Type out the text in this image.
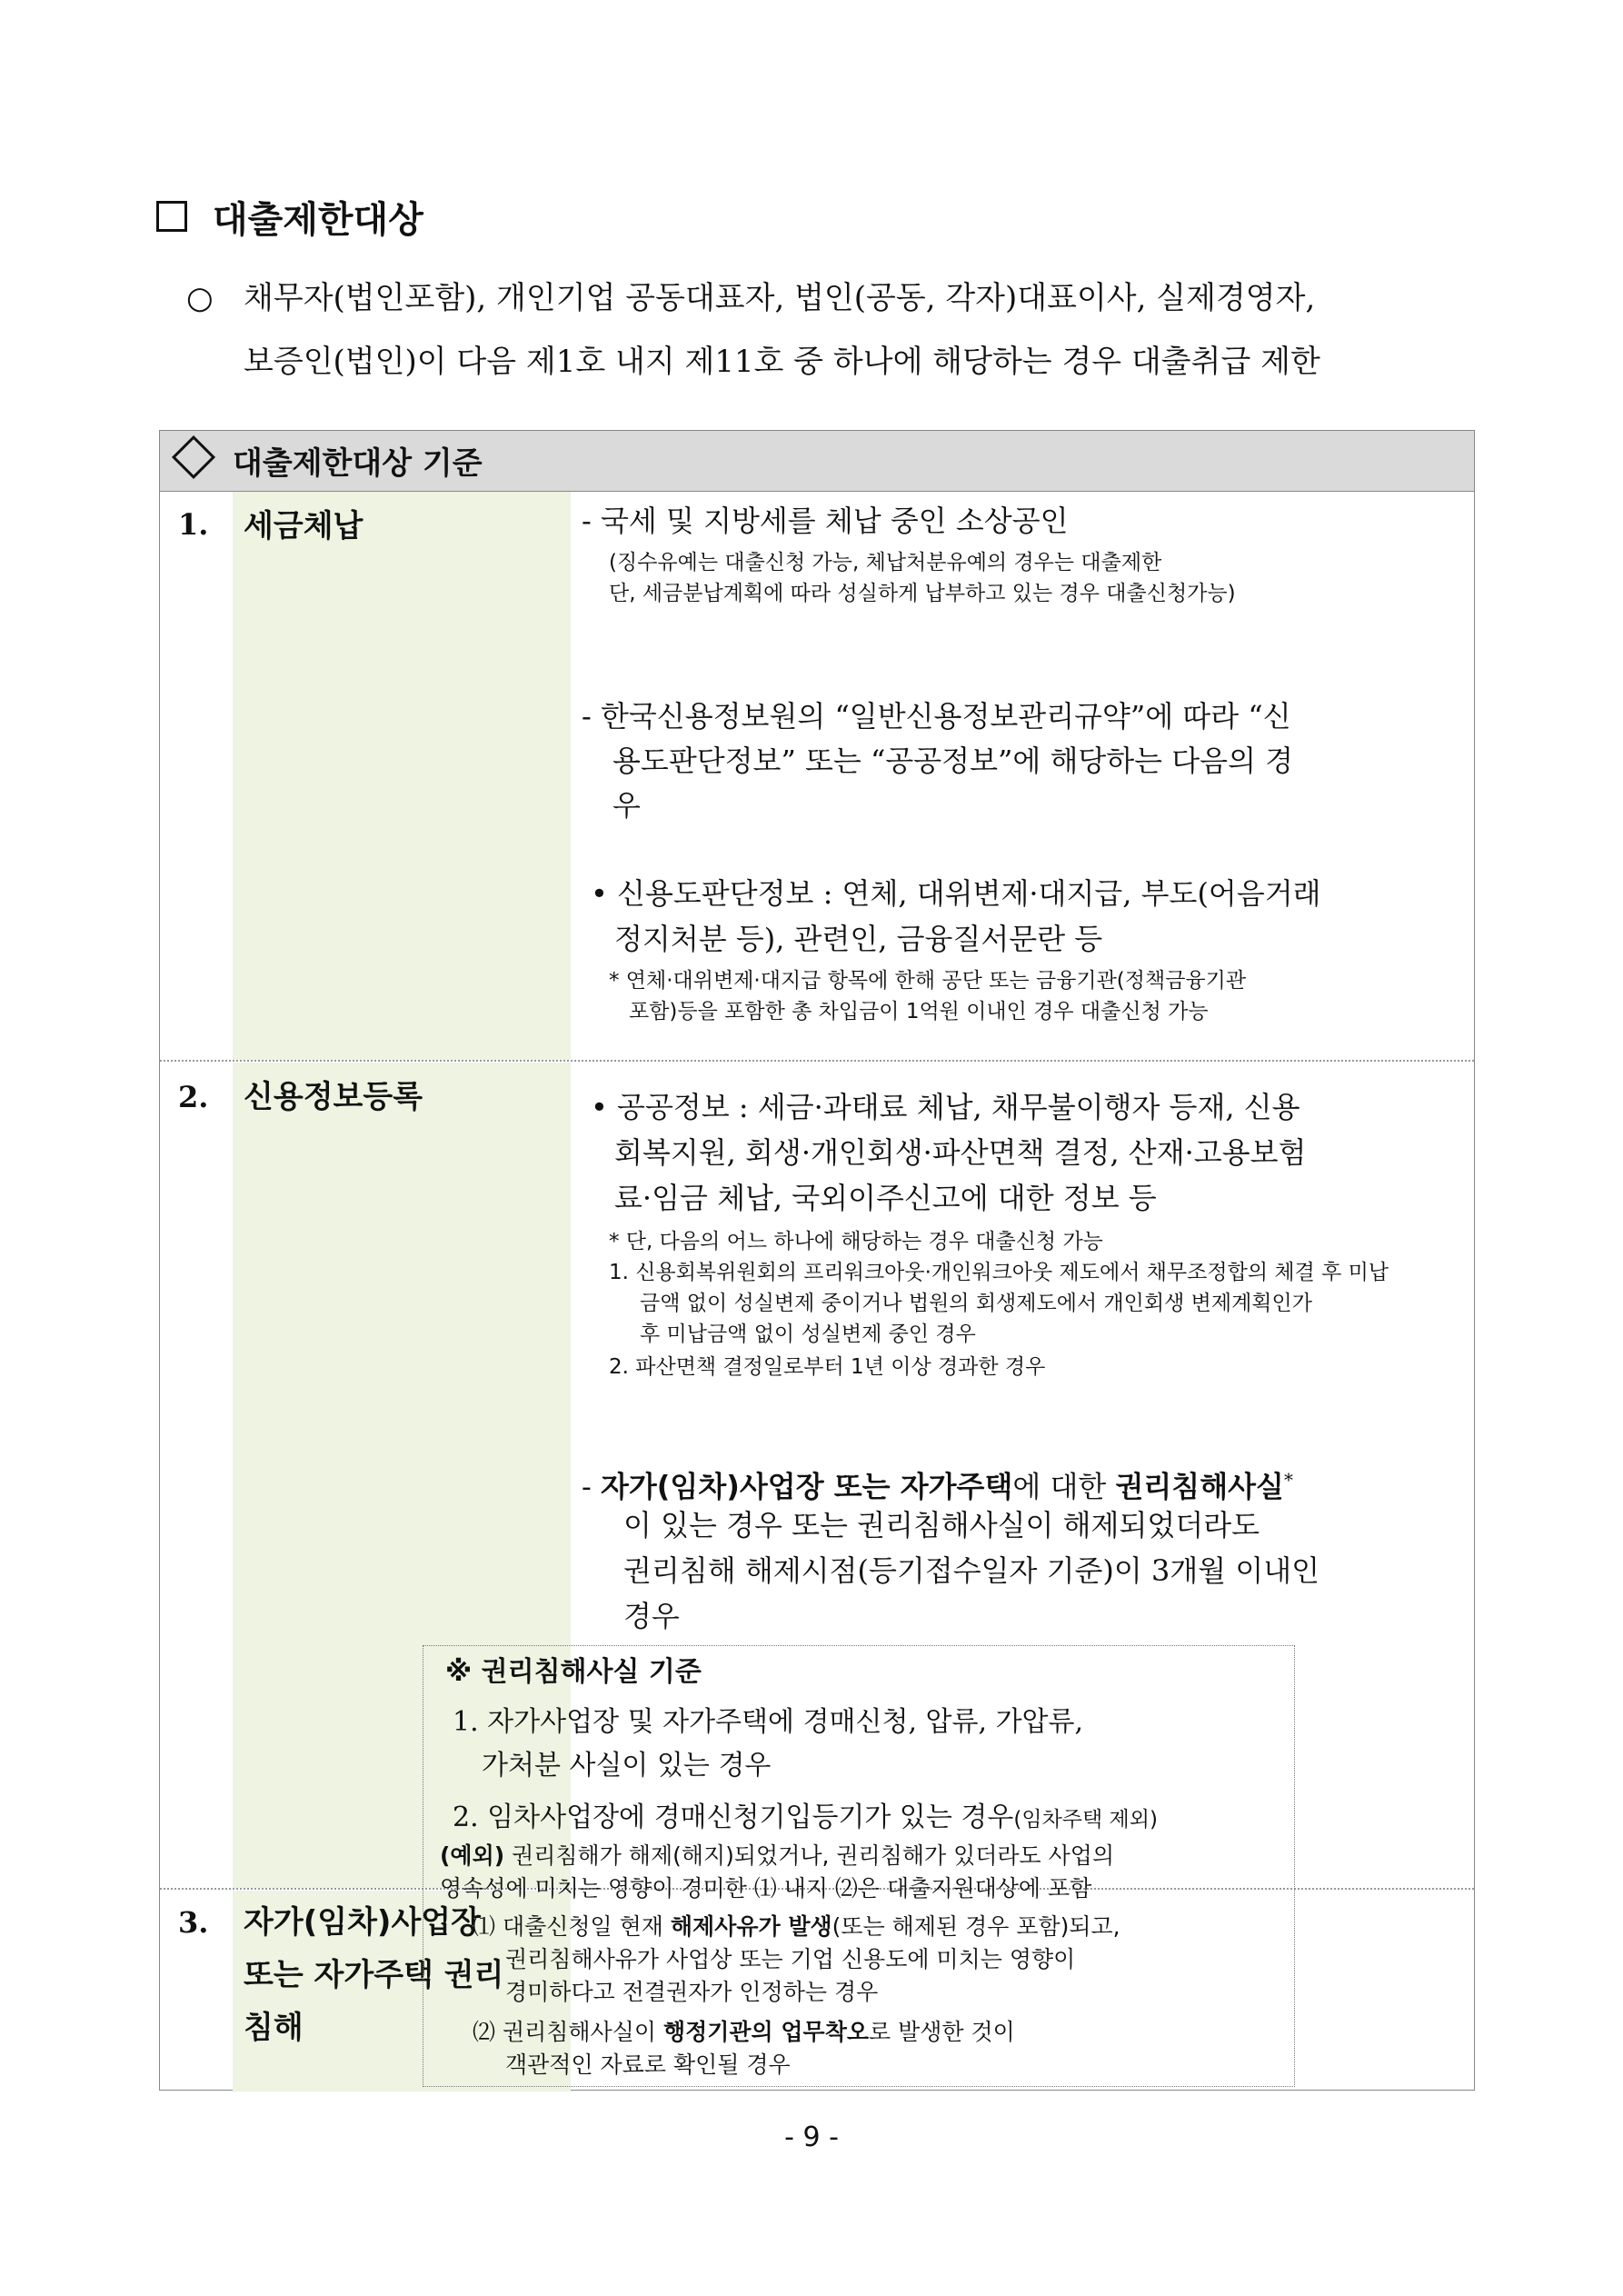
대출제한대상
○ 채무자(법인포함), 개인기업 공동대표자, 법인(공동, 각자)대표이사, 실제경영자,
보증인(법인)이 다음 제1호 내지 제11호 중 하나에 해당하는 경우 대출취급 제한
대출제한대상 기준
1. 세금체납
2. 신용정보등록
3. 자가(임차)사업장
또는 자가주택 권리
침해
- 국세 및 지방세를 체납 중인 소상공인
(징수유예는 대출신청 가능, 체납처분유예의 경우는 대출제한
단, 세금분납계획에 따라 성실하게 납부하고 있는 경우 대출신청가능)
- 한국신용정보원의 “일반신용정보관리규약”에 따라 “신
용도판단정보” 또는 “공공정보”에 해당하는 다음의 경
우
• 신용도판단정보 : 연체, 대위변제·대지급, 부도(어음거래
정지처분 등), 관련인, 금융질서문란 등
* 연체·대위변제·대지급 항목에 한해 공단 또는 금융기관(정책금융기관
포함)등을 포함한 총 차입금이 1억원 이내인 경우 대출신청 가능
• 공공정보 : 세금·과태료 체납, 채무불이행자 등재, 신용
회복지원, 회생·개인회생·파산면책 결정, 산재·고용보험
료·임금 체납, 국외이주신고에 대한 정보 등
* 단, 다음의 어느 하나에 해당하는 경우 대출신청 가능
1. 신용회복위원회의 프리워크아웃·개인워크아웃 제도에서 채무조정합의 체결 후 미납
금액 없이 성실변제 중이거나 법원의 회생제도에서 개인회생 변제계획인가
후 미납금액 없이 성실변제 중인 경우
2. 파산면책 결정일로부터 1년 이상 경과한 경우
- 자가(임차)사업장 또는 자가주택에 대한 권리침해사실*
이 있는 경우 또는 권리침해사실이 해제되었더라도
권리침해 해제시점(등기접수일자 기준)이 3개월 이내인
경우
※ 권리침해사실 기준
1. 자가사업장 및 자가주택에 경매신청, 압류, 가압류,
가처분 사실이 있는 경우
2. 임차사업장에 경매신청기입등기가 있는 경우(임차주택 제외)
(예외) 권리침해가 해제(해지)되었거나, 권리침해가 있더라도 사업의
영속성에 미치는 영향이 경미한 ⑴ 내지 ⑵은 대출지원대상에 포함
⑴ 대출신청일 현재 해제사유가 발생(또는 해제된 경우 포함)되고,
권리침해사유가 사업상 또는 기업 신용도에 미치는 영향이
경미하다고 전결권자가 인정하는 경우
⑵ 권리침해사실이 행정기관의 업무착오로 발생한 것이
객관적인 자료로 확인될 경우
- 9 -
